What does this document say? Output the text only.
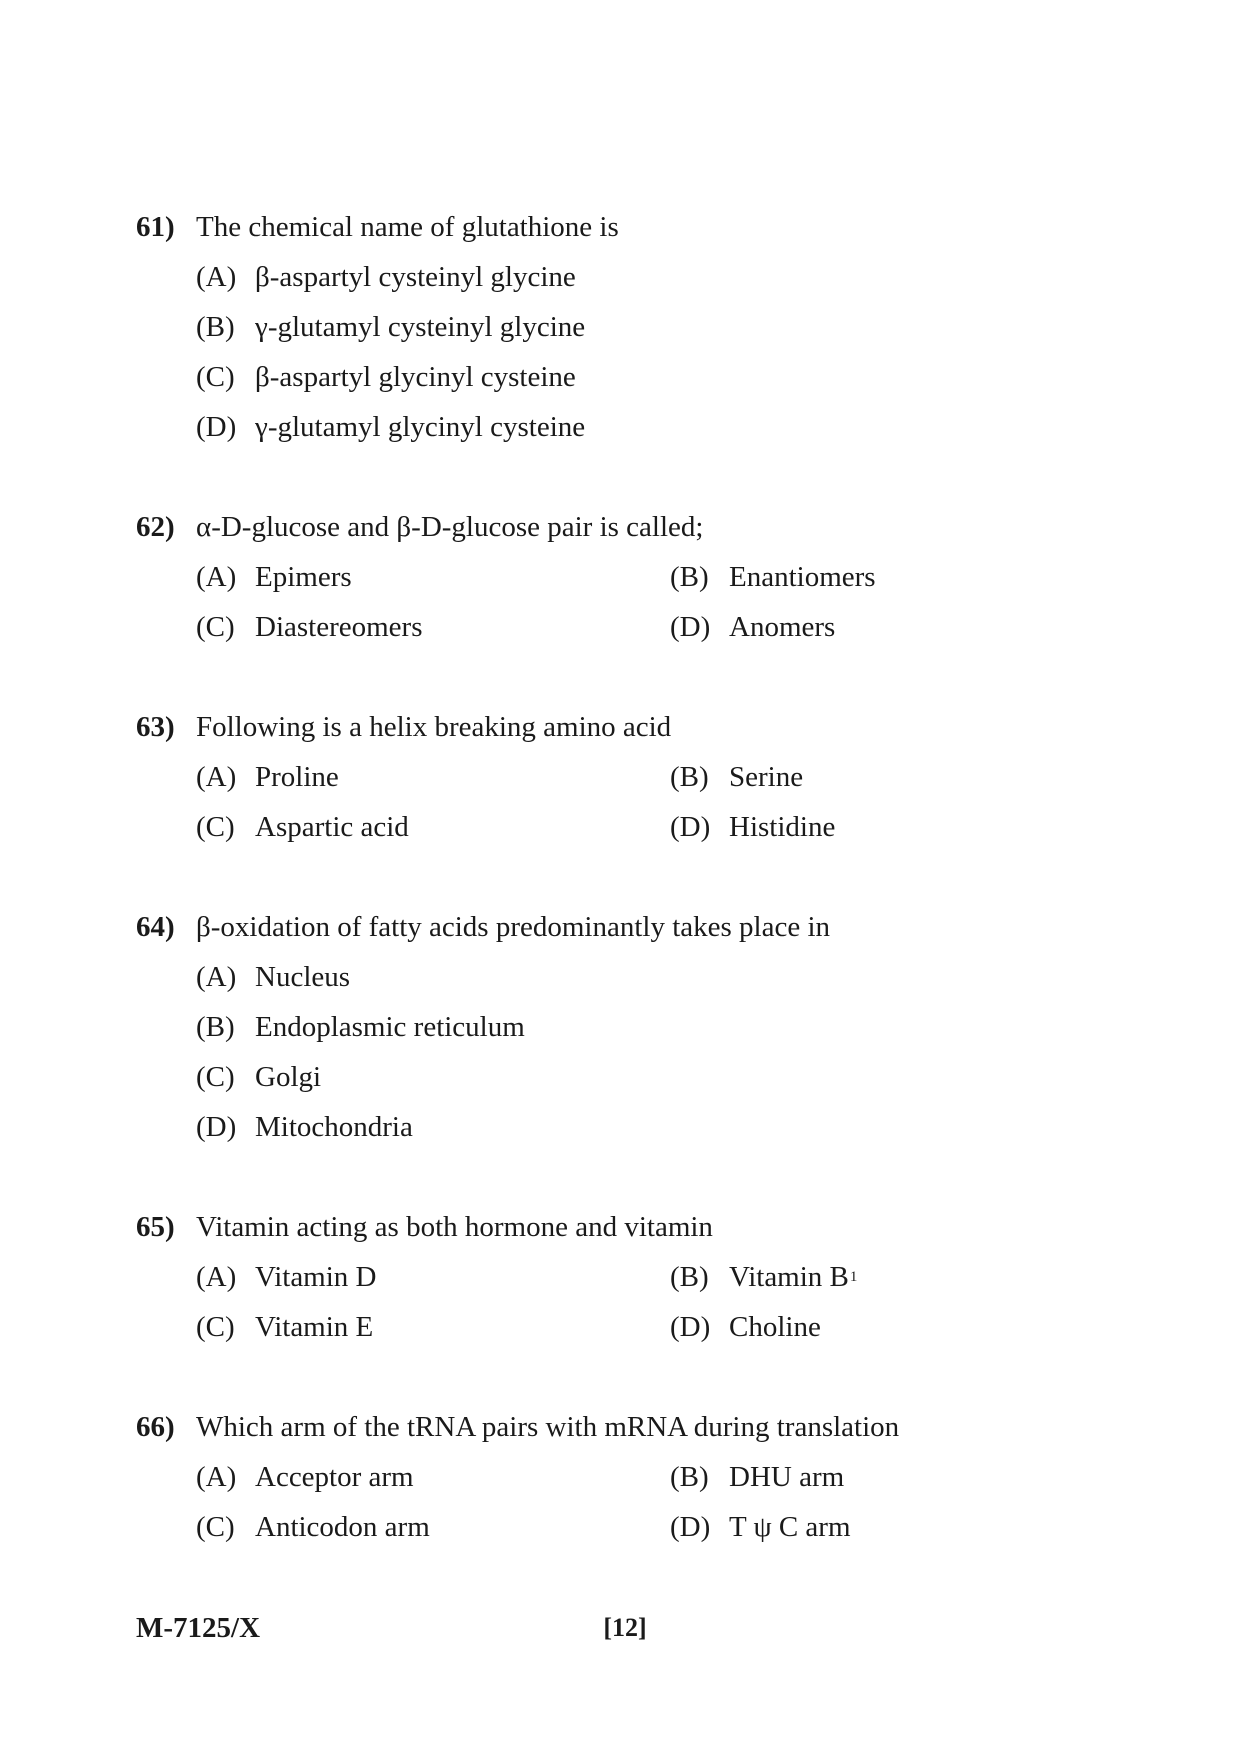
61) The chemical name of glutathione is
(A) β-aspartyl cysteinyl glycine
(B) γ-glutamyl cysteinyl glycine
(C) β-aspartyl glycinyl cysteine
(D) γ-glutamyl glycinyl cysteine
62) α-D-glucose and β-D-glucose pair is called;
(A) Epimers	(B) Enantiomers
(C) Diastereomers	(D) Anomers
63) Following is a helix breaking amino acid
(A) Proline	(B) Serine
(C) Aspartic acid	(D) Histidine
64) β-oxidation of fatty acids predominantly takes place in
(A) Nucleus
(B) Endoplasmic reticulum
(C) Golgi
(D) Mitochondria
65) Vitamin acting as both hormone and vitamin
(A) Vitamin D	(B) Vitamin B 1
(C) Vitamin E	(D) Choline
66) Which arm of the tRNA pairs with mRNA during translation
(A) Acceptor arm	(B) DHU arm
(C) Anticodon arm	(D) T ψ C arm
M-7125/X	[12]
